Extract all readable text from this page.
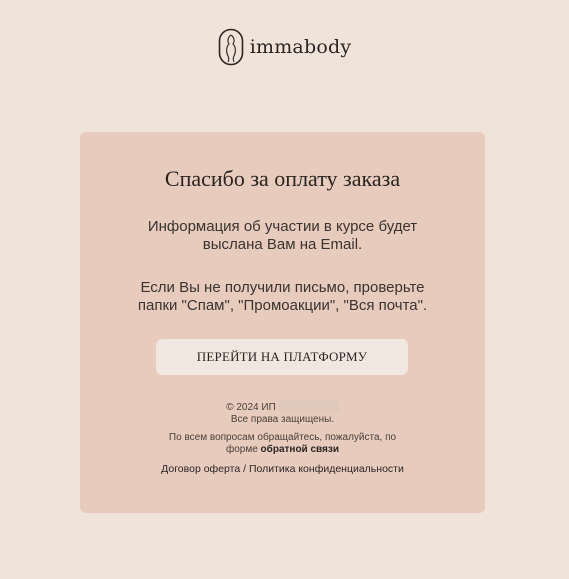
immabody
Спасибо за оплату заказа
Информация об участии в курсе будет
выслана Вам на Email.
Если Вы не получили письмо, проверьте
папки "Спам", "Промоакции", "Вся почта".
ПЕРЕЙТИ НА ПЛАТФОРМУ
© 2024 ИП
Все права защищены.
По всем вопросам обращайтесь, пожалуйста, по
форме обратной связи
Договор оферта / Политика конфиденциальности
